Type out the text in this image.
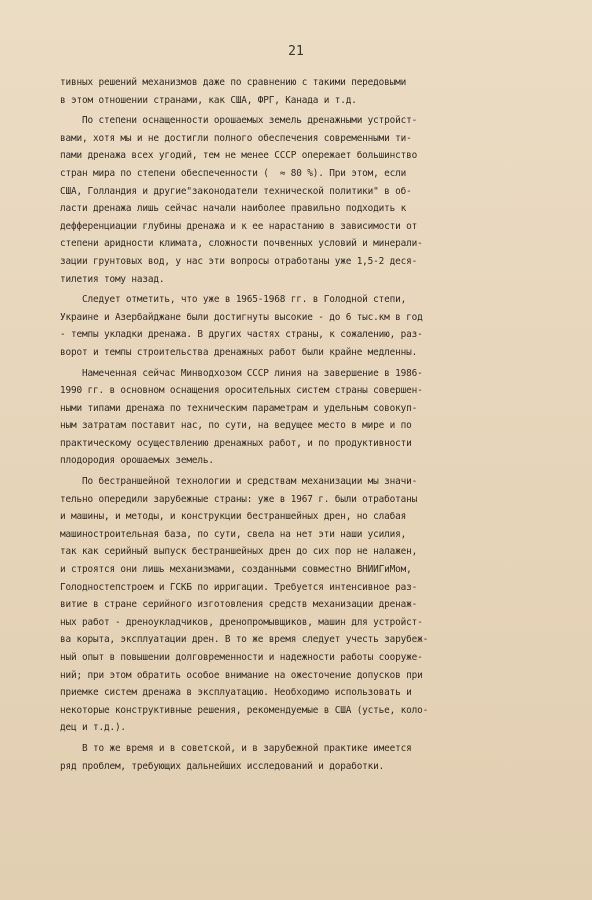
21
тивных решений механизмов даже по сравнению с такими передовыми
в этом отношении странами, как США, ФРГ, Канада и т.д.
По степени оснащенности орошаемых земель дренажными устройст-
вами, хотя мы и не достигли полного обеспечения современными ти-
пами дренажа всех угодий, тем не менее СССР опережает большинство
стран мира по степени обеспеченности (  ≈ 80 %). При этом, если
США, Голландия и другие"законодатели технической политики" в об-
ласти дренажа лишь сейчас начали наиболее правильно подходить к
дефференциации глубины дренажа и к ее нарастанию в зависимости от
степени аридности климата, сложности почвенных условий и минерали-
зации грунтовых вод, у нас эти вопросы отработаны уже 1,5-2 деся-
тилетия тому назад.
Следует отметить, что уже в 1965-1968 гг. в Голодной степи,
Украине и Азербайджане были достигнуты высокие - до 6 тыс.км в год
- темпы укладки дренажа. В других частях страны, к сожалению, раз-
ворот и темпы строительства дренажных работ были крайне медленны.
Намеченная сейчас Минводхозом СССР линия на завершение в 1986-
1990 гг. в основном оснащения оросительных систем страны совершен-
ными типами дренажа по техническим параметрам и удельным совокуп-
ным затратам поставит нас, по сути, на ведущее место в мире и по
практическому осуществлению дренажных работ, и по продуктивности
плодородия орошаемых земель.
По бестраншейной технологии и средствам механизации мы значи-
тельно опередили зарубежные страны: уже в 1967 г. были отработаны
и машины, и методы, и конструкции бестраншейных дрен, но слабая
машиностроительная база, по сути, свела на нет эти наши усилия,
так как серийный выпуск бестраншейных дрен до сих пор не налажен,
и строятся они лишь механизмами, созданными совместно ВНИИГиМом,
Голодностепстроем и ГСКБ по ирригации. Требуется интенсивное раз-
витие в стране серийного изготовления средств механизации дренаж-
ных работ - дреноукладчиков, дренопромывщиков, машин для устройст-
ва корыта, эксплуатации дрен. В то же время следует учесть зарубеж-
ный опыт в повышении долговременности и надежности работы сооруже-
ний; при этом обратить особое внимание на ожесточение допусков при
приемке систем дренажа в эксплуатацию. Необходимо использовать и
некоторые конструктивные решения, рекомендуемые в США (устье, коло-
дец и т.д.).
В то же время и в советской, и в зарубежной практике имеется
ряд проблем, требующих дальнейших исследований и доработки.
